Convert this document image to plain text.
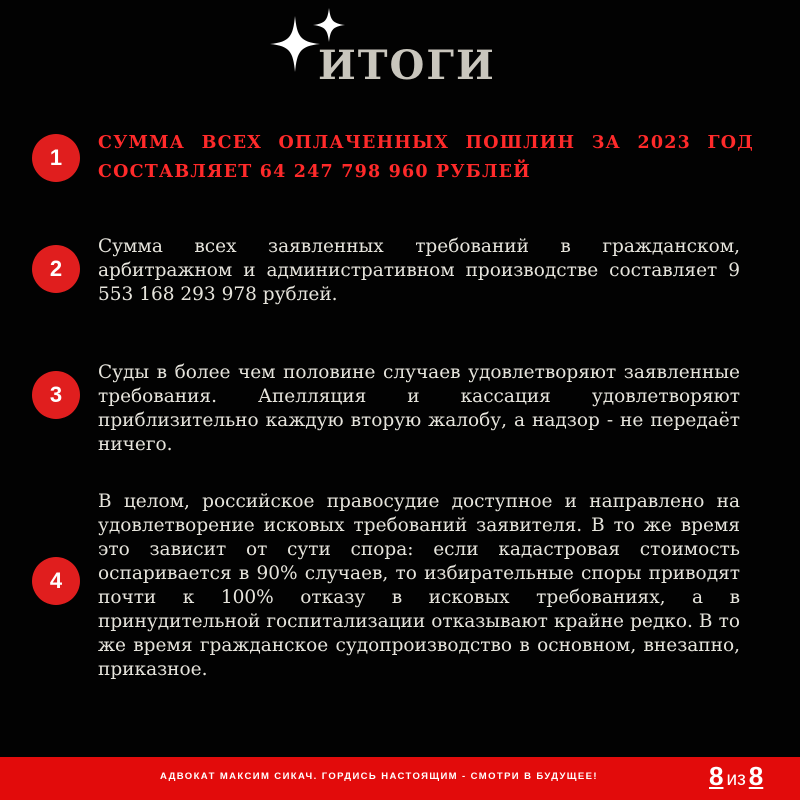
ИТОГИ
1
СУММА ВСЕХ ОПЛАЧЕННЫХ ПОШЛИН ЗА 2023 ГОД СОСТАВЛЯЕТ 64 247 798 960 РУБЛЕЙ
2
Сумма всех заявленных требований в гражданском, арбитражном и административном производстве составляет 9 553 168 293 978 рублей.
3
Суды в более чем половине случаев удовлетворяют заявленные требования. Апелляция и кассация удовлетворяют приблизительно каждую вторую жалобу, а надзор - не передаёт ничего.
4
В целом, российское правосудие доступное и направлено на удовлетворение исковых требований заявителя. В то же время это зависит от сути спора: если кадастровая стоимость оспаривается в 90% случаев, то избирательные споры приводят почти к 100% отказу в исковых требованиях, а в принудительной госпитализации отказывают крайне редко. В то же время гражданское судопроизводство в основном, внезапно, приказное.
АДВОКАТ МАКСИМ СИКАЧ. ГОРДИСЬ НАСТОЯЩИМ - СМОТРИ В БУДУЩЕЕ!	8 из 8
